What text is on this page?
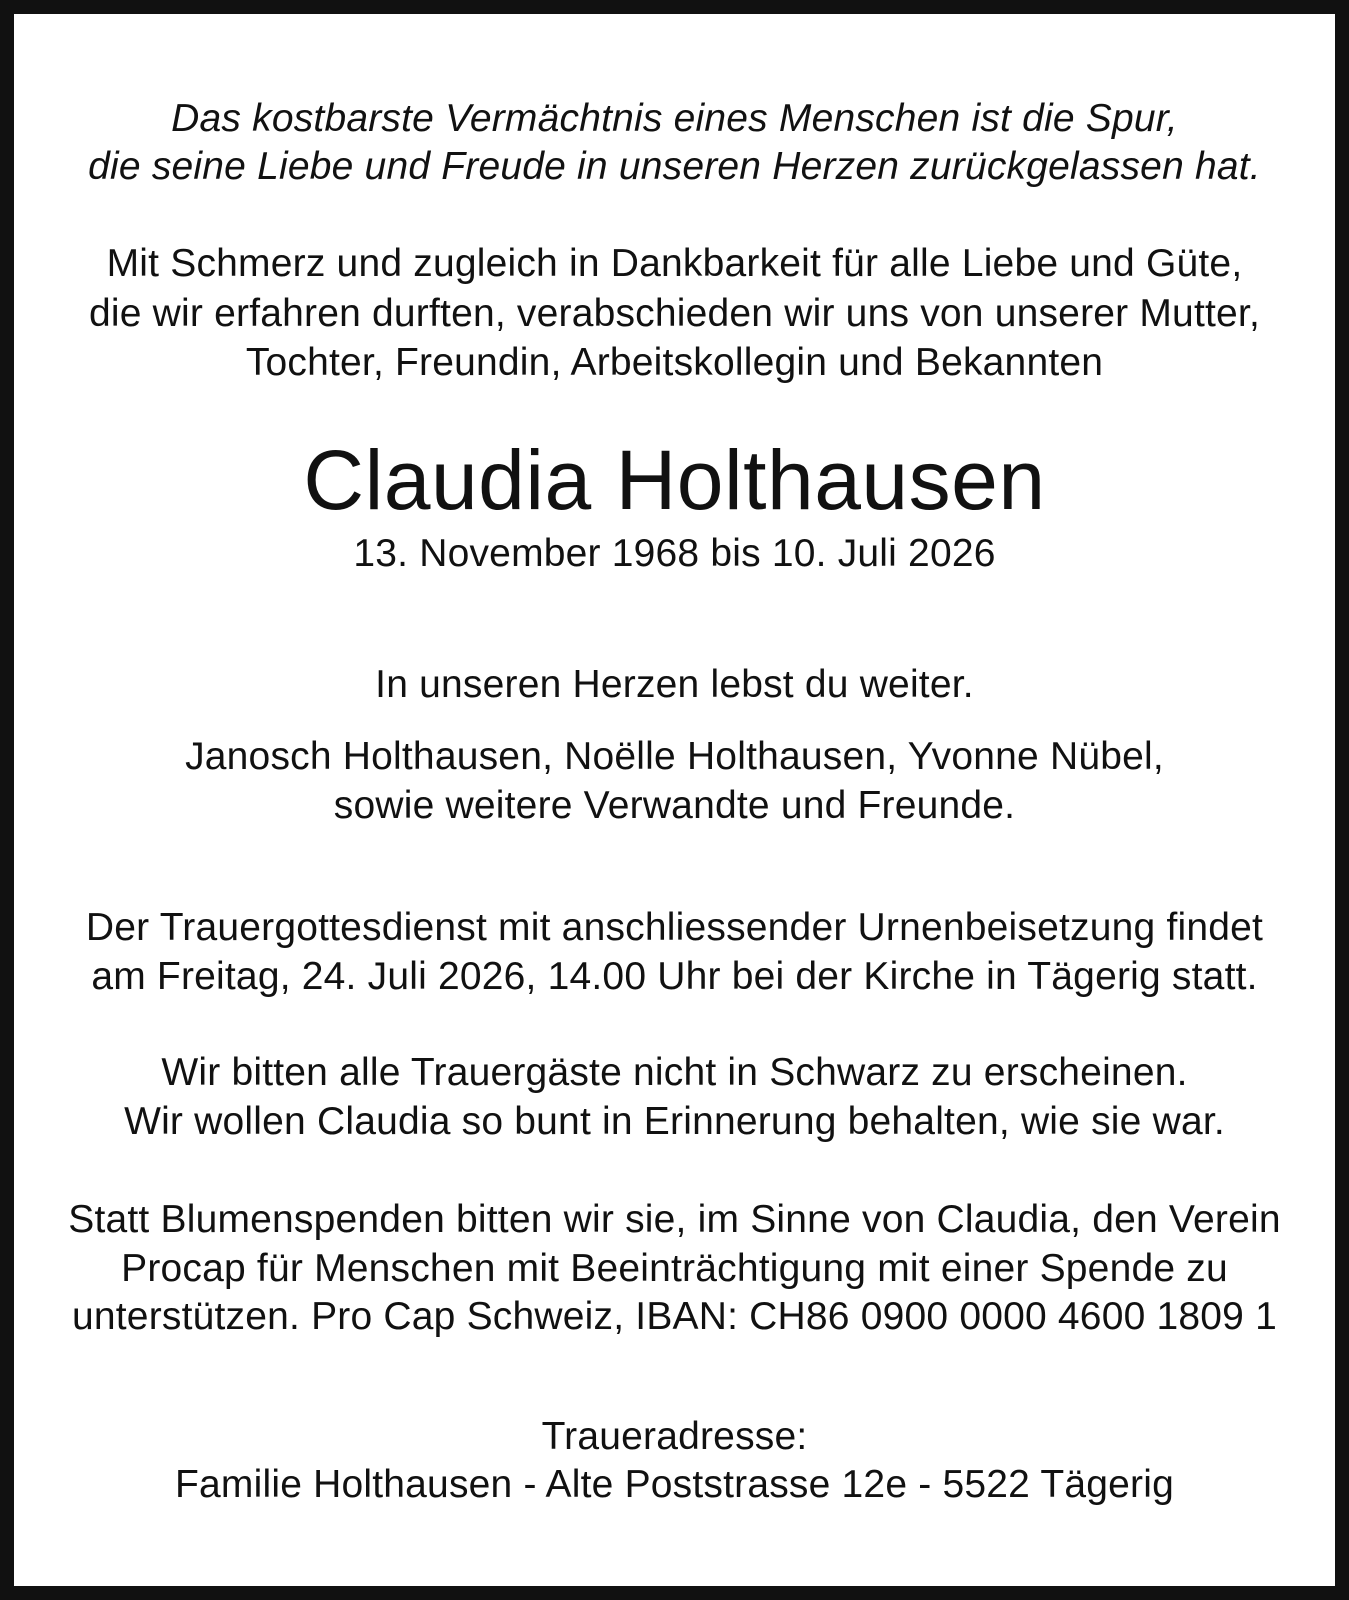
Das kostbarste Vermächtnis eines Menschen ist die Spur,
die seine Liebe und Freude in unseren Herzen zurückgelassen hat.
Mit Schmerz und zugleich in Dankbarkeit für alle Liebe und Güte,
die wir erfahren durften, verabschieden wir uns von unserer Mutter,
Tochter, Freundin, Arbeitskollegin und Bekannten
Claudia Holthausen
13. November 1968 bis 10. Juli 2026
In unseren Herzen lebst du weiter.
Janosch Holthausen, Noëlle Holthausen, Yvonne Nübel,
sowie weitere Verwandte und Freunde.
Der Trauergottesdienst mit anschliessender Urnenbeisetzung findet
am Freitag, 24. Juli 2026, 14.00 Uhr bei der Kirche in Tägerig statt.
Wir bitten alle Trauergäste nicht in Schwarz zu erscheinen.
Wir wollen Claudia so bunt in Erinnerung behalten, wie sie war.
Statt Blumenspenden bitten wir sie, im Sinne von Claudia, den Verein
Procap für Menschen mit Beeinträchtigung mit einer Spende zu
unterstützen. Pro Cap Schweiz, IBAN: CH86 0900 0000 4600 1809 1
Traueradresse:
Familie Holthausen - Alte Poststrasse 12e - 5522 Tägerig
